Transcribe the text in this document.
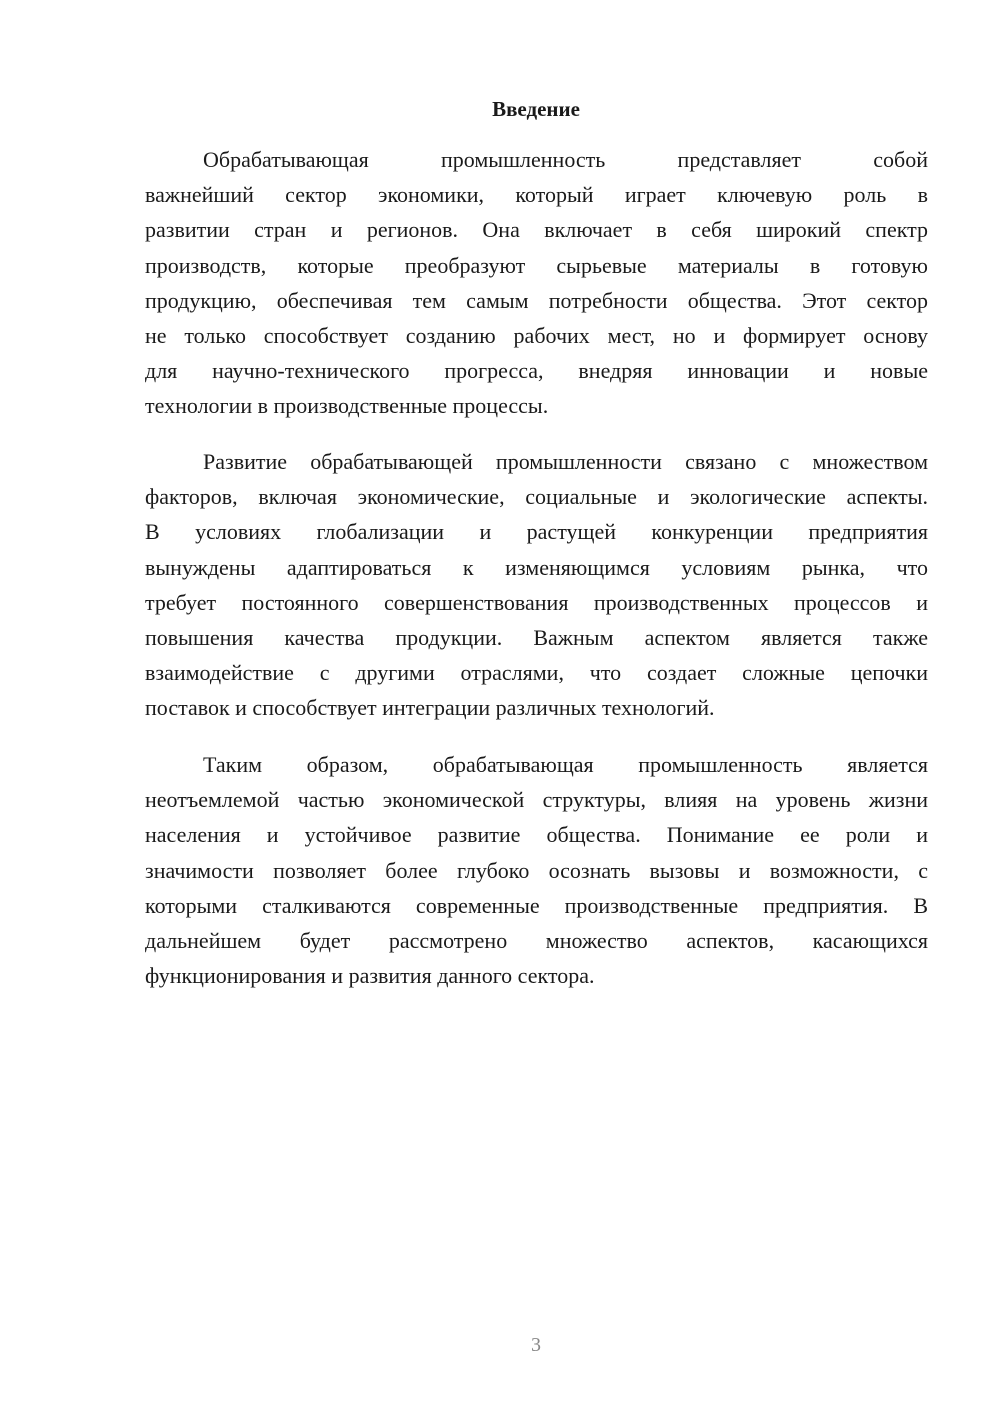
Введение
Обрабатывающая промышленность представляет собой
важнейший сектор экономики, который играет ключевую роль в
развитии стран и регионов. Она включает в себя широкий спектр
производств, которые преобразуют сырьевые материалы в готовую
продукцию, обеспечивая тем самым потребности общества. Этот сектор
не только способствует созданию рабочих мест, но и формирует основу
для научно-технического прогресса, внедряя инновации и новые
технологии в производственные процессы.
Развитие обрабатывающей промышленности связано с множеством
факторов, включая экономические, социальные и экологические аспекты.
В условиях глобализации и растущей конкуренции предприятия
вынуждены адаптироваться к изменяющимся условиям рынка, что
требует постоянного совершенствования производственных процессов и
повышения качества продукции. Важным аспектом является также
взаимодействие с другими отраслями, что создает сложные цепочки
поставок и способствует интеграции различных технологий.
Таким образом, обрабатывающая промышленность является
неотъемлемой частью экономической структуры, влияя на уровень жизни
населения и устойчивое развитие общества. Понимание ее роли и
значимости позволяет более глубоко осознать вызовы и возможности, с
которыми сталкиваются современные производственные предприятия. В
дальнейшем будет рассмотрено множество аспектов, касающихся
функционирования и развития данного сектора.
3
